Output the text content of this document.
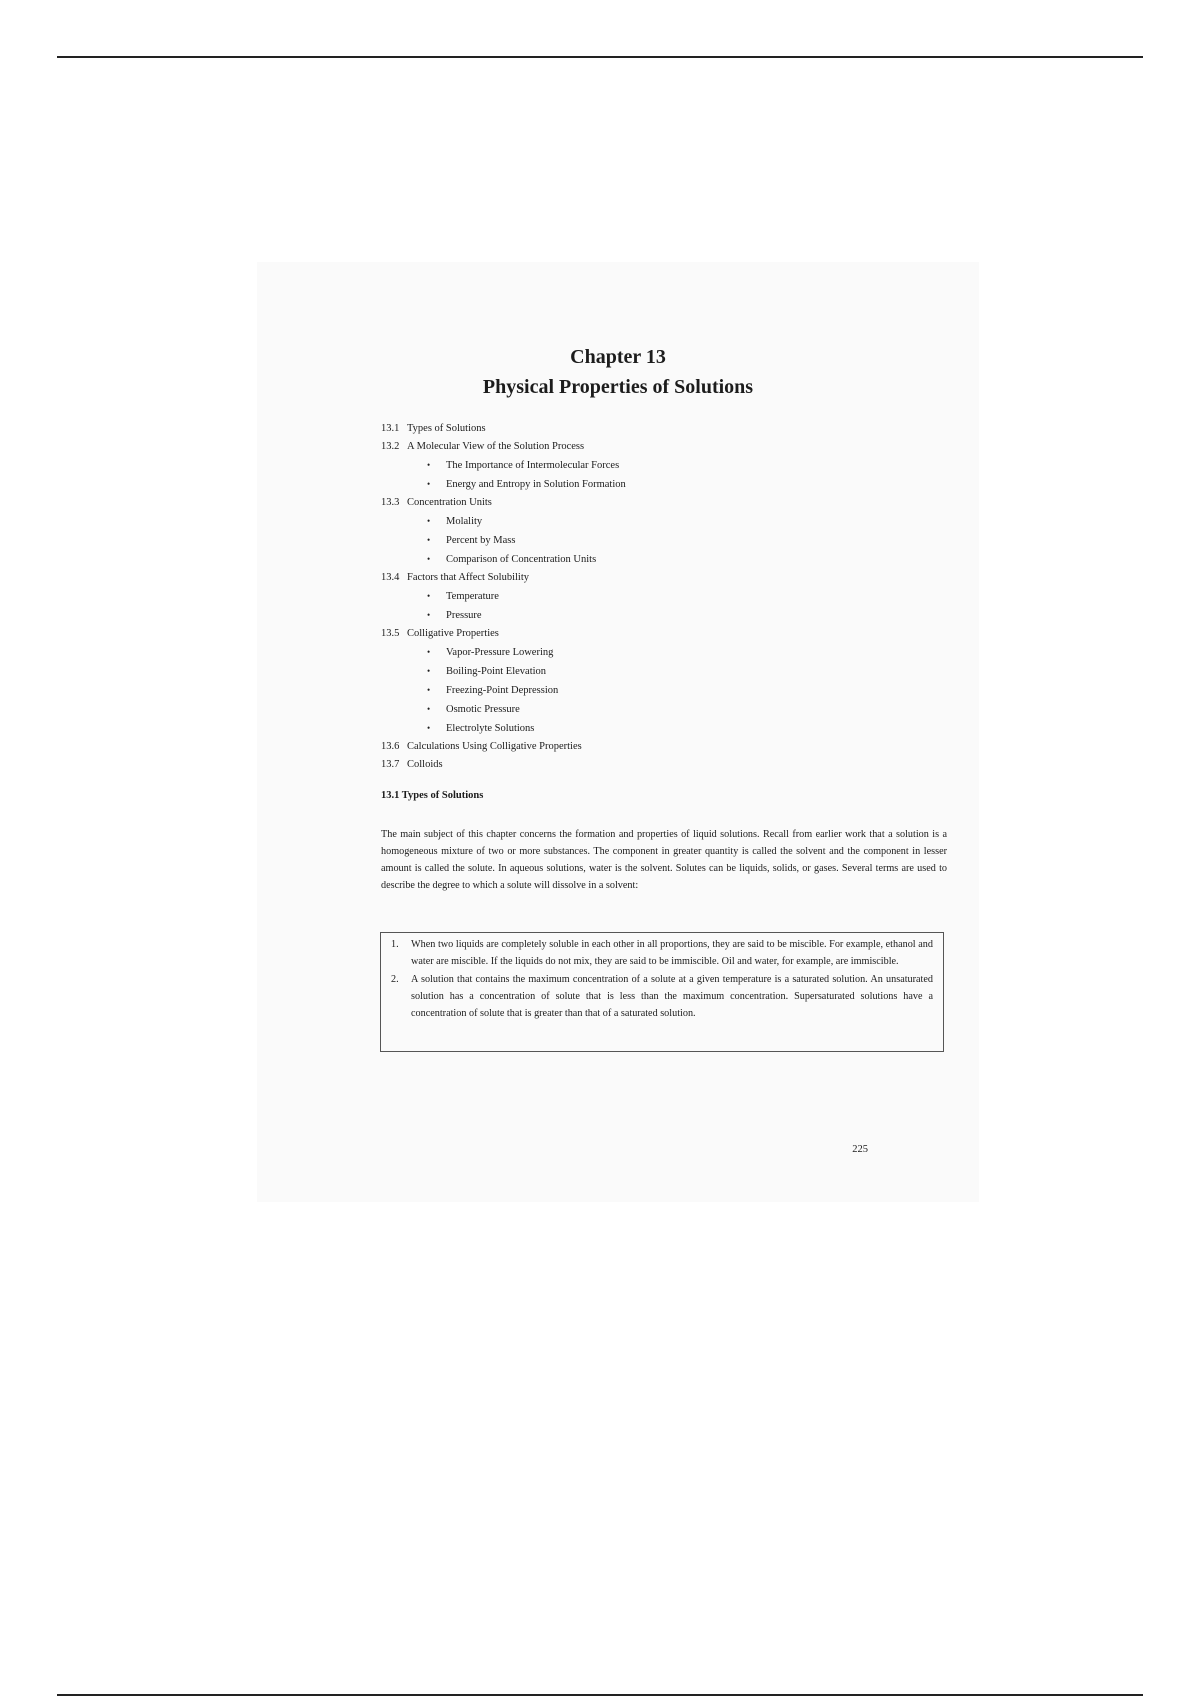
Chapter 13
Physical Properties of Solutions
13.1 Types of Solutions
13.2 A Molecular View of the Solution Process
• The Importance of Intermolecular Forces
• Energy and Entropy in Solution Formation
13.3 Concentration Units
• Molality
• Percent by Mass
• Comparison of Concentration Units
13.4 Factors that Affect Solubility
• Temperature
• Pressure
13.5 Colligative Properties
• Vapor-Pressure Lowering
• Boiling-Point Elevation
• Freezing-Point Depression
• Osmotic Pressure
• Electrolyte Solutions
13.6 Calculations Using Colligative Properties
13.7 Colloids
13.1 Types of Solutions

The main subject of this chapter concerns the formation and properties of liquid solutions. Recall from earlier work that a solution is a homogeneous mixture of two or more substances. The component in greater quantity is called the solvent and the component in lesser amount is called the solute. In aqueous solutions, water is the solvent. Solutes can be liquids, solids, or gases. Several terms are used to describe the degree to which a solute will dissolve in a solvent:

1. When two liquids are completely soluble in each other in all proportions, they are said to be miscible. For example, ethanol and water are miscible. If the liquids do not mix, they are said to be immiscible. Oil and water, for example, are immiscible.
2. A solution that contains the maximum concentration of a solute at a given temperature is a saturated solution. An unsaturated solution has a concentration of solute that is less than the maximum concentration. Supersaturated solutions have a concentration of solute that is greater than that of a saturated solution.
225
